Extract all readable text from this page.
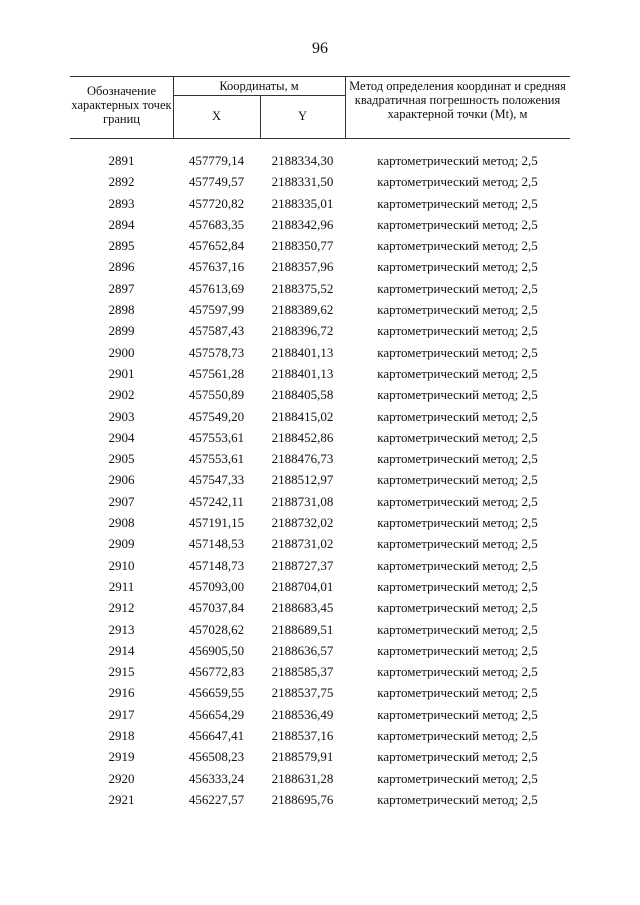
96
Обозначение характерных точек границ
Координаты, м
X	Y
Метод определения координат и средняя квадратичная погрешность положения характерной точки (Mt), м
2891	457779,14	2188334,30	картометрический метод; 2,5
2892	457749,57	2188331,50	картометрический метод; 2,5
2893	457720,82	2188335,01	картометрический метод; 2,5
2894	457683,35	2188342,96	картометрический метод; 2,5
2895	457652,84	2188350,77	картометрический метод; 2,5
2896	457637,16	2188357,96	картометрический метод; 2,5
2897	457613,69	2188375,52	картометрический метод; 2,5
2898	457597,99	2188389,62	картометрический метод; 2,5
2899	457587,43	2188396,72	картометрический метод; 2,5
2900	457578,73	2188401,13	картометрический метод; 2,5
2901	457561,28	2188401,13	картометрический метод; 2,5
2902	457550,89	2188405,58	картометрический метод; 2,5
2903	457549,20	2188415,02	картометрический метод; 2,5
2904	457553,61	2188452,86	картометрический метод; 2,5
2905	457553,61	2188476,73	картометрический метод; 2,5
2906	457547,33	2188512,97	картометрический метод; 2,5
2907	457242,11	2188731,08	картометрический метод; 2,5
2908	457191,15	2188732,02	картометрический метод; 2,5
2909	457148,53	2188731,02	картометрический метод; 2,5
2910	457148,73	2188727,37	картометрический метод; 2,5
2911	457093,00	2188704,01	картометрический метод; 2,5
2912	457037,84	2188683,45	картометрический метод; 2,5
2913	457028,62	2188689,51	картометрический метод; 2,5
2914	456905,50	2188636,57	картометрический метод; 2,5
2915	456772,83	2188585,37	картометрический метод; 2,5
2916	456659,55	2188537,75	картометрический метод; 2,5
2917	456654,29	2188536,49	картометрический метод; 2,5
2918	456647,41	2188537,16	картометрический метод; 2,5
2919	456508,23	2188579,91	картометрический метод; 2,5
2920	456333,24	2188631,28	картометрический метод; 2,5
2921	456227,57	2188695,76	картометрический метод; 2,5
